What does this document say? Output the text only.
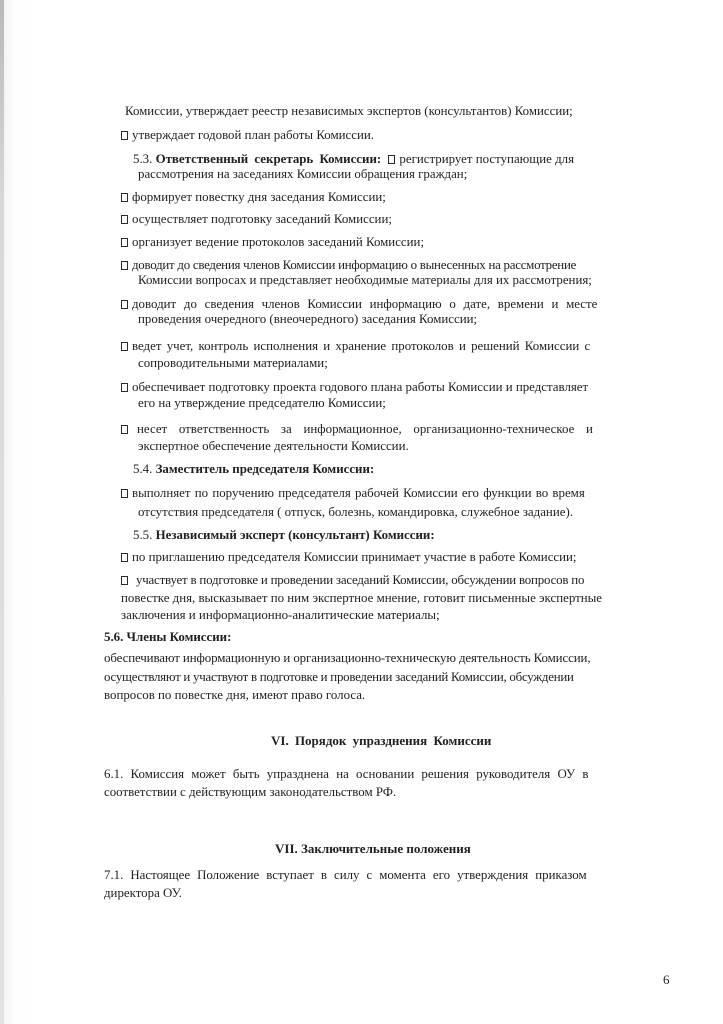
Комиссии, утверждает реестр независимых экспертов (консультантов) Комиссии;
утверждает годовой план работы Комиссии.
5.3. Ответственный секретарь Комиссии: регистрирует поступающие для
рассмотрения на заседаниях Комиссии обращения граждан;
формирует повестку дня заседания Комиссии;
осуществляет подготовку заседаний Комиссии;
организует ведение протоколов заседаний Комиссии;
доводит до сведения членов Комиссии информацию о вынесенных на рассмотрение
Комиссии вопросах и представляет необходимые материалы для их рассмотрения;
доводит до сведения членов Комиссии информацию о дате, времени и месте
проведения очередного (внеочередного) заседания Комиссии;
ведет учет, контроль исполнения и хранение протоколов и решений Комиссии с
сопроводительными материалами;
обеспечивает подготовку проекта годового плана работы Комиссии и представляет
его на утверждение председателю Комиссии;
несет ответственность за информационное, организационно-техническое и
экспертное обеспечение деятельности Комиссии.
5.4. Заместитель председателя Комиссии:
выполняет по поручению председателя рабочей Комиссии его функции во время
отсутствия председателя ( отпуск, болезнь, командировка, служебное задание).
5.5. Независимый эксперт (консультант) Комиссии:
по приглашению председателя Комиссии принимает участие в работе Комиссии;
участвует в подготовке и проведении заседаний Комиссии, обсуждении вопросов по
повестке дня, высказывает по ним экспертное мнение, готовит письменные экспертные
заключения и информационно-аналитические материалы;
5.6. Члены Комиссии:
обеспечивают информационную и организационно-техническую деятельность Комиссии,
осуществляют и участвуют в подготовке и проведении заседаний Комиссии, обсуждении
вопросов по повестке дня, имеют право голоса.
VI. Порядок упразднения Комиссии
6.1. Комиссия может быть упразднена на основании решения руководителя ОУ в
соответствии с действующим законодательством РФ.
VII. Заключительные положения
7.1. Настоящее Положение вступает в силу с момента его утверждения приказом
директора ОУ.
6
